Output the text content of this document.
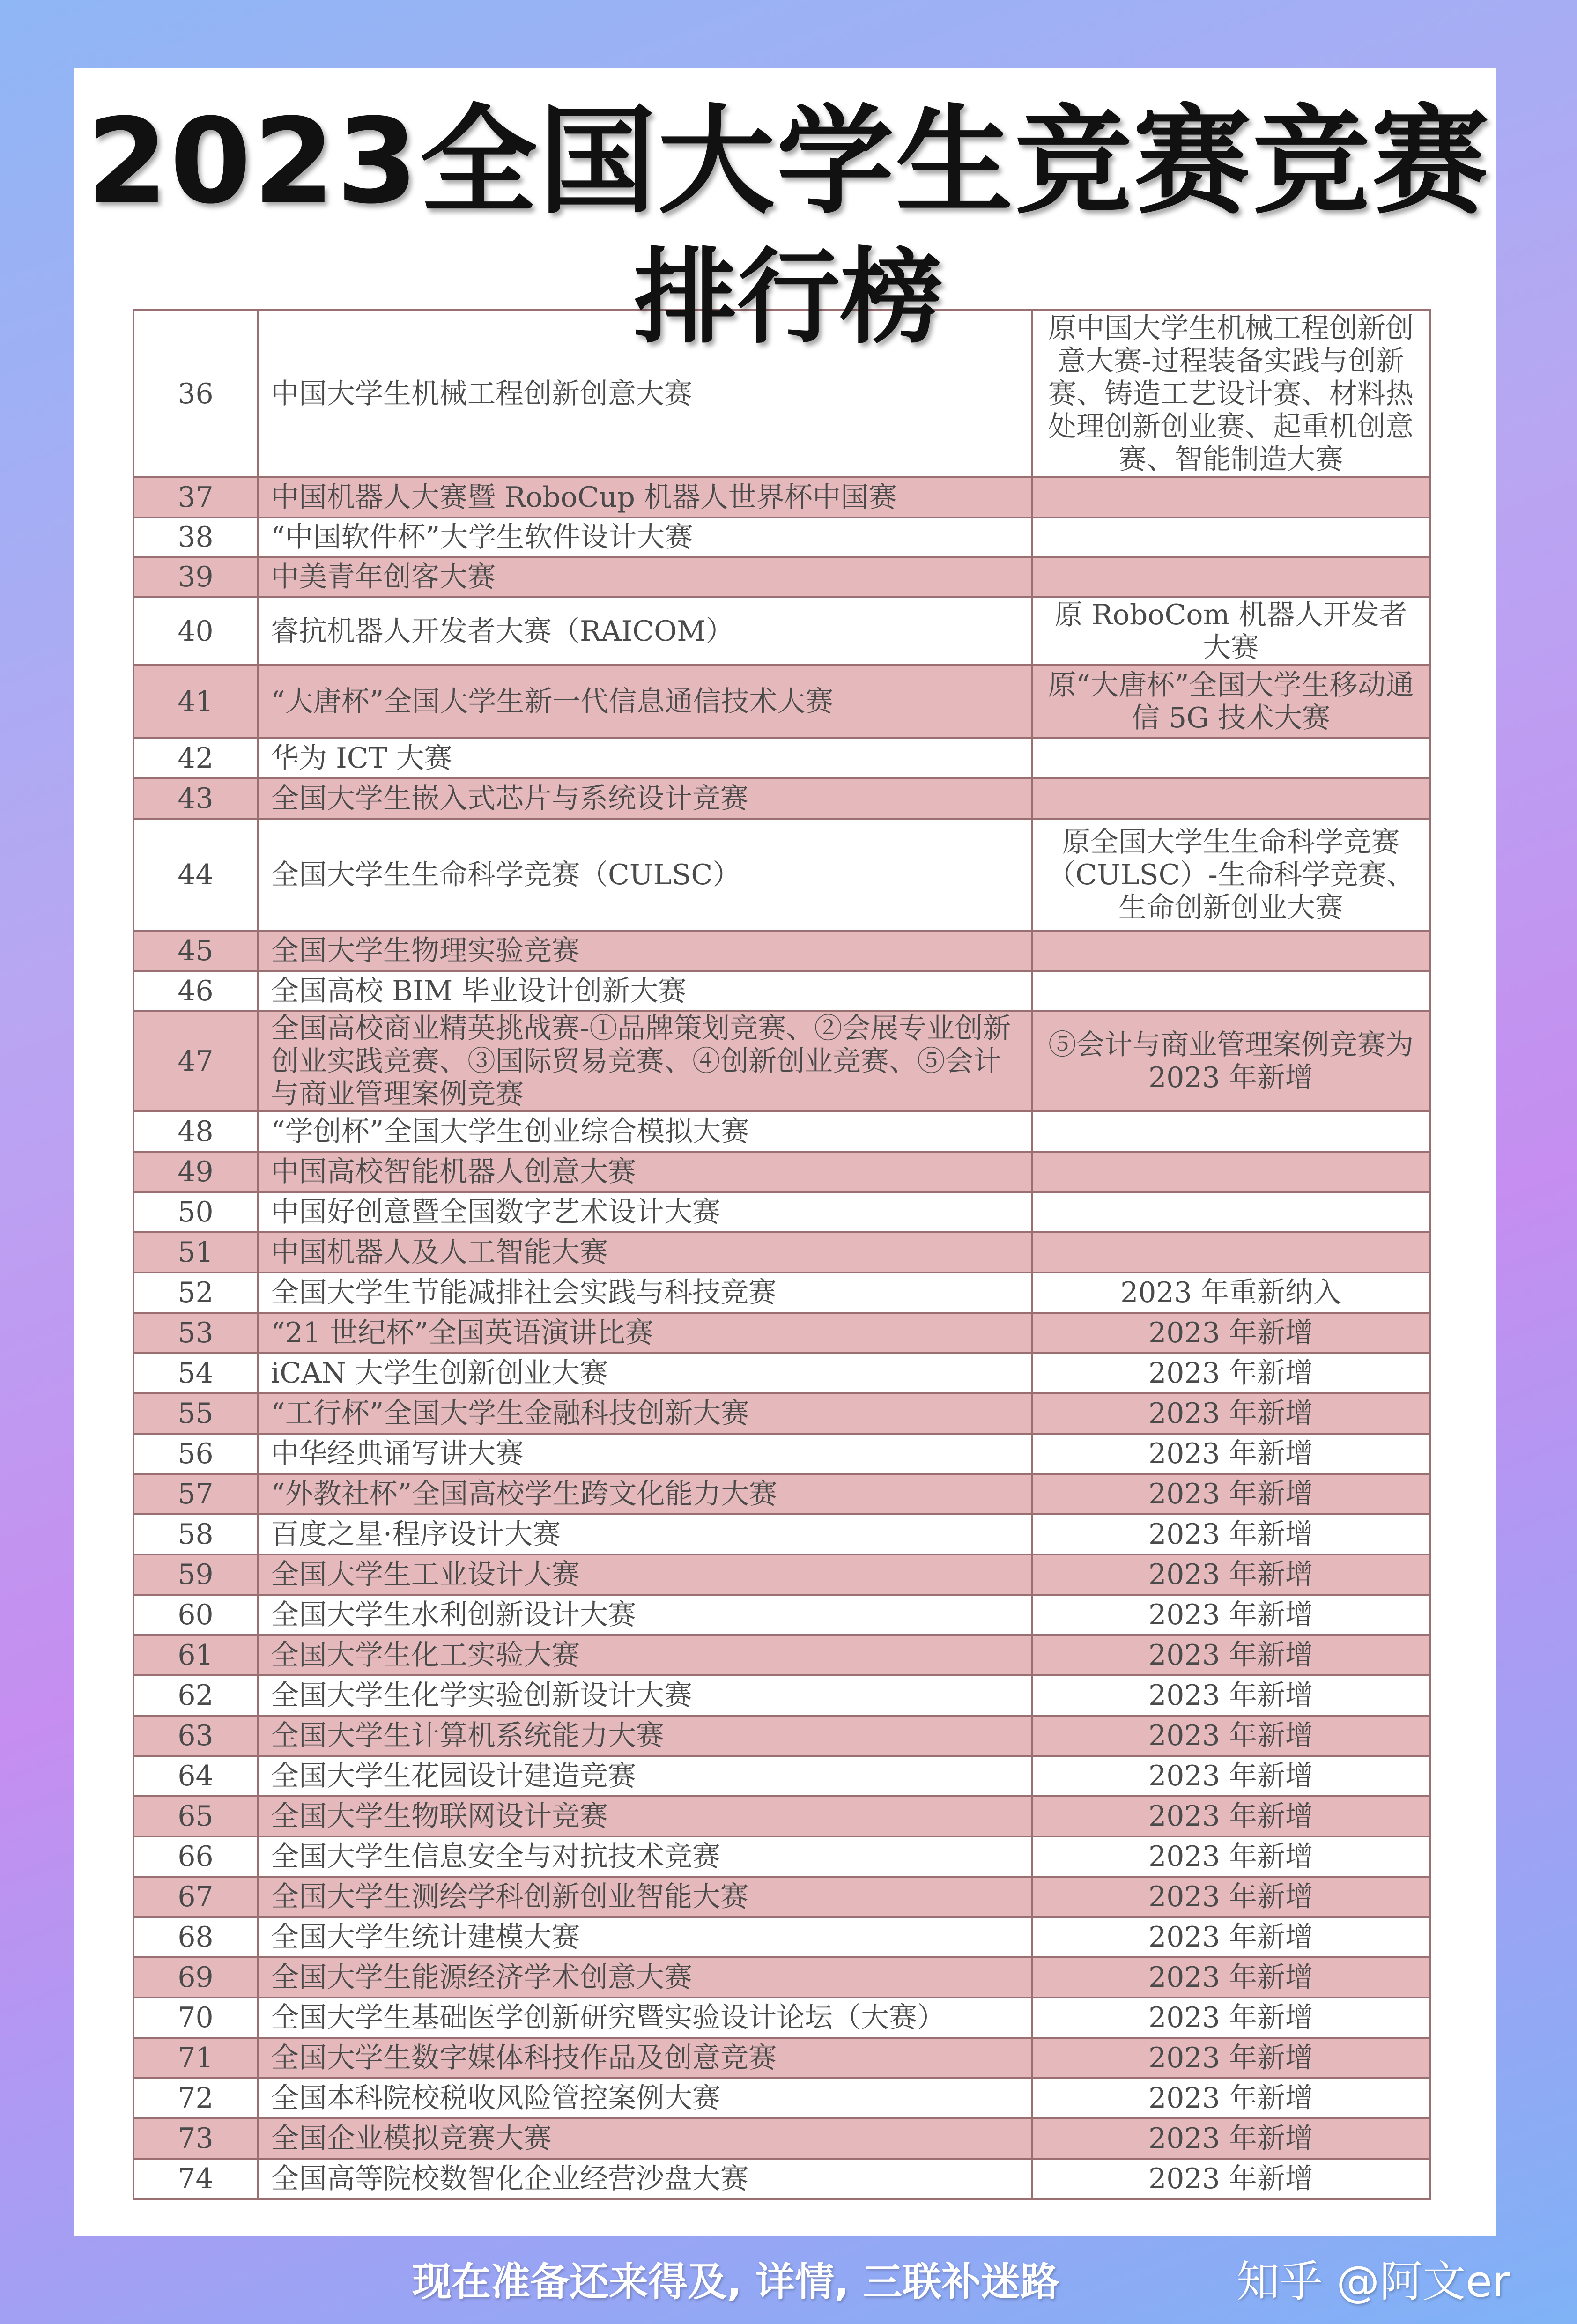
2023全国大学生竞赛竞赛
排行榜
36	中国大学生机械工程创新创意大赛	原中国大学生机械工程创新创意大赛-过程装备实践与创新赛、铸造工艺设计赛、材料热处理创新创业赛、起重机创意赛、智能制造大赛
37	中国机器人大赛暨 RoboCup 机器人世界杯中国赛	
38	“中国软件杯”大学生软件设计大赛	
39	中美青年创客大赛	
40	睿抗机器人开发者大赛（RAICOM）	原 RoboCom 机器人开发者大赛
41	“大唐杯”全国大学生新一代信息通信技术大赛	原“大唐杯”全国大学生移动通信 5G 技术大赛
42	华为 ICT 大赛	
43	全国大学生嵌入式芯片与系统设计竞赛	
44	全国大学生生命科学竞赛（CULSC）	原全国大学生生命科学竞赛（CULSC）-生命科学竞赛、生命创新创业大赛
45	全国大学生物理实验竞赛	
46	全国高校 BIM 毕业设计创新大赛	
47	全国高校商业精英挑战赛-①品牌策划竞赛、②会展专业创新创业实践竞赛、③国际贸易竞赛、④创新创业竞赛、⑤会计与商业管理案例竞赛	⑤会计与商业管理案例竞赛为 2023 年新增
48	“学创杯”全国大学生创业综合模拟大赛	
49	中国高校智能机器人创意大赛	
50	中国好创意暨全国数字艺术设计大赛	
51	中国机器人及人工智能大赛	
52	全国大学生节能减排社会实践与科技竞赛	2023 年重新纳入
53	“21 世纪杯”全国英语演讲比赛	2023 年新增
54	iCAN 大学生创新创业大赛	2023 年新增
55	“工行杯”全国大学生金融科技创新大赛	2023 年新增
56	中华经典诵写讲大赛	2023 年新增
57	“外教社杯”全国高校学生跨文化能力大赛	2023 年新增
58	百度之星·程序设计大赛	2023 年新增
59	全国大学生工业设计大赛	2023 年新增
60	全国大学生水利创新设计大赛	2023 年新增
61	全国大学生化工实验大赛	2023 年新增
62	全国大学生化学实验创新设计大赛	2023 年新增
63	全国大学生计算机系统能力大赛	2023 年新增
64	全国大学生花园设计建造竞赛	2023 年新增
65	全国大学生物联网设计竞赛	2023 年新增
66	全国大学生信息安全与对抗技术竞赛	2023 年新增
67	全国大学生测绘学科创新创业智能大赛	2023 年新增
68	全国大学生统计建模大赛	2023 年新增
69	全国大学生能源经济学术创意大赛	2023 年新增
70	全国大学生基础医学创新研究暨实验设计论坛（大赛）	2023 年新增
71	全国大学生数字媒体科技作品及创意竞赛	2023 年新增
72	全国本科院校税收风险管控案例大赛	2023 年新增
73	全国企业模拟竞赛大赛	2023 年新增
74	全国高等院校数智化企业经营沙盘大赛	2023 年新增
现在准备还来得及, 详情, 三联补迷路	知乎 @阿文er
